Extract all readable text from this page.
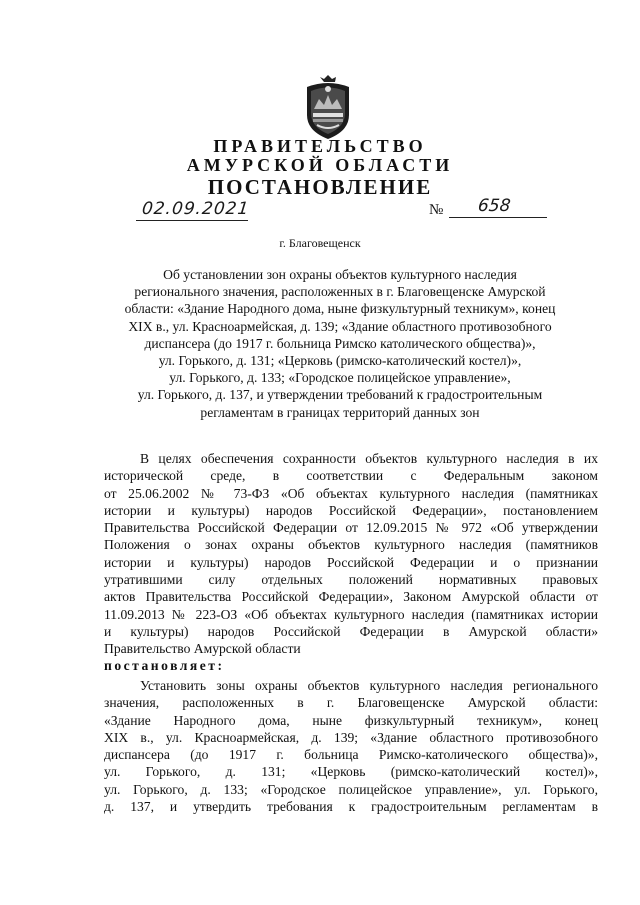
ПРАВИТЕЛЬСТВО
АМУРСКОЙ ОБЛАСТИ
ПОСТАНОВЛЕНИЕ
02.09.2021	№ 658
г. Благовещенск
Об установлении зон охраны объектов культурного наследия
регионального значения, расположенных в г. Благовещенске Амурской
области: «Здание Народного дома, ныне физкультурный техникум», конец
XIX в., ул. Красноармейская, д. 139; «Здание областного противозобного
диспансера (до 1917 г. больница Римско католического общества)»,
ул. Горького, д. 131; «Церковь (римско-католический костел)»,
ул. Горького, д. 133; «Городское полицейское управление»,
ул. Горького, д. 137, и утверждении требований к градостроительным
регламентам в границах территорий данных зон
В целях обеспечения сохранности объектов культурного наследия в их
исторической среде, в соответствии с Федеральным законом
от 25.06.2002 № 73-ФЗ «Об объектах культурного наследия (памятниках
истории и культуры) народов Российской Федерации», постановлением
Правительства Российской Федерации от 12.09.2015 № 972 «Об утверждении
Положения о зонах охраны объектов культурного наследия (памятников
истории и культуры) народов Российской Федерации и о признании
утратившими силу отдельных положений нормативных правовых
актов Правительства Российской Федерации», Законом Амурской области от
11.09.2013 № 223-ОЗ «Об объектах культурного наследия (памятниках истории
и культуры) народов Российской Федерации в Амурской области»
Правительство Амурской области
постановляет:
Установить зоны охраны объектов культурного наследия регионального
значения, расположенных в г. Благовещенске Амурской области:
«Здание Народного дома, ныне физкультурный техникум», конец
XIX в., ул. Красноармейская, д. 139; «Здание областного противозобного
диспансера (до 1917 г. больница Римско-католического общества)»,
ул. Горького, д. 131; «Церковь (римско-католический костел)»,
ул. Горького, д. 133; «Городское полицейское управление», ул. Горького,
д. 137, и утвердить требования к градостроительным регламентам в
